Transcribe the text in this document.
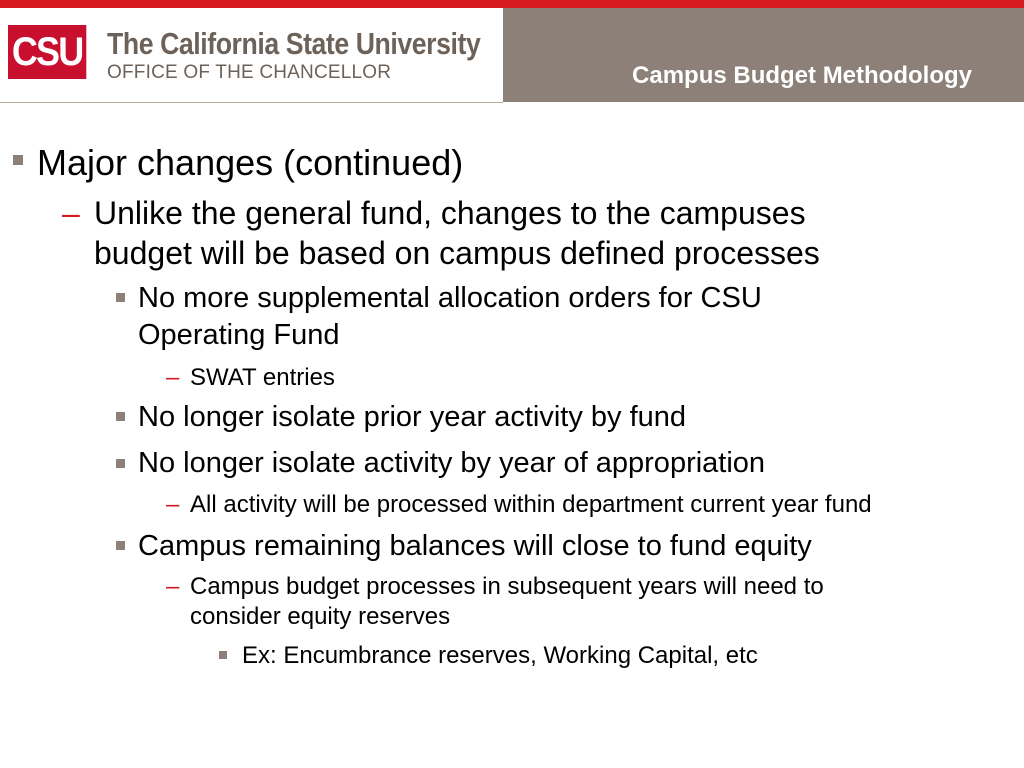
CSU The California State University
OFFICE OF THE CHANCELLOR	Campus Budget Methodology
Major changes (continued)
– Unlike the general fund, changes to the campuses
budget will be based on campus defined processes
No more supplemental allocation orders for CSU
Operating Fund
– SWAT entries
No longer isolate prior year activity by fund
No longer isolate activity by year of appropriation
– All activity will be processed within department current year fund
Campus remaining balances will close to fund equity
– Campus budget processes in subsequent years will need to
consider equity reserves
Ex: Encumbrance reserves, Working Capital, etc
